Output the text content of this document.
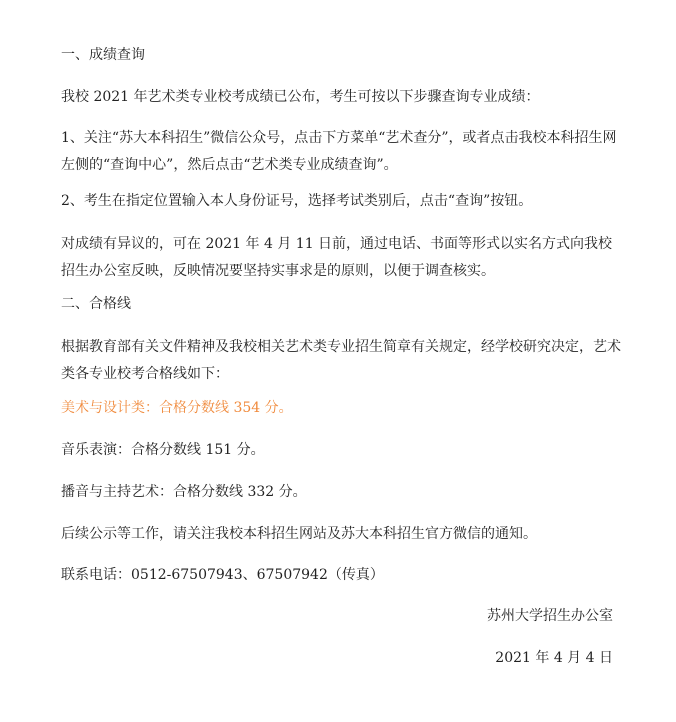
一、成绩查询
我校 2021 年艺术类专业校考成绩已公布，考生可按以下步骤查询专业成绩：
1、关注“苏大本科招生”微信公众号，点击下方菜单“艺术查分”，或者点击我校本科招生网左侧的“查询中心”，然后点击“艺术类专业成绩查询”。
2、考生在指定位置输入本人身份证号，选择考试类别后，点击“查询”按钮。
对成绩有异议的，可在 2021 年 4 月 11 日前，通过电话、书面等形式以实名方式向我校招生办公室反映，反映情况要坚持实事求是的原则，以便于调查核实。
二、合格线
根据教育部有关文件精神及我校相关艺术类专业招生简章有关规定，经学校研究决定，艺术类各专业校考合格线如下：
美术与设计类：合格分数线 354 分。
音乐表演：合格分数线 151 分。
播音与主持艺术：合格分数线 332 分。
后续公示等工作，请关注我校本科招生网站及苏大本科招生官方微信的通知。
联系电话：0512-67507943、67507942（传真）
苏州大学招生办公室
2021 年 4 月 4 日
